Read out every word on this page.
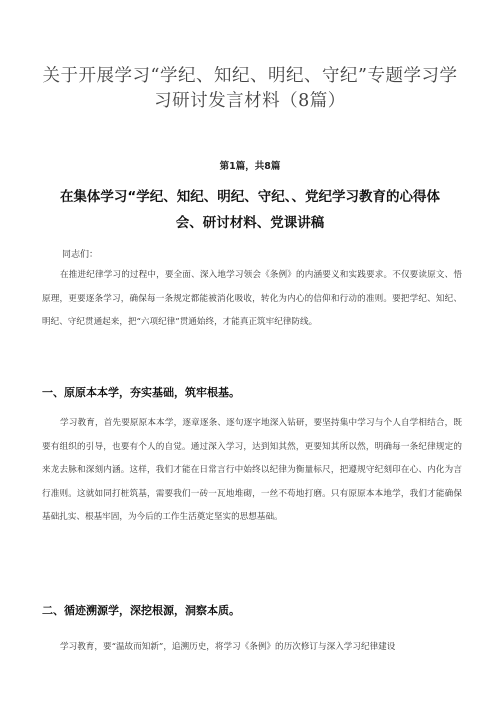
关于开展学习“学纪、知纪、明纪、守纪”专题学习学习研讨发言材料（8篇）
第1篇，共8篇
在集体学习“学纪、知纪、明纪、守纪、、党纪学习教育的心得体会、研讨材料、党课讲稿
同志们：

在推进纪律学习的过程中，要全面、深入地学习领会《条例》的内涵要义和实践要求。不仅要读原文、悟原理，更要逐条学习，确保每一条规定都能被消化吸收，转化为内心的信仰和行动的准则。要把学纪、知纪、明纪、守纪贯通起来，把“六项纪律”贯通始终，才能真正筑牢纪律防线。

一、原原本本学，夯实基础，筑牢根基。

学习教育，首先要原原本本学，逐章逐条、逐句逐字地深入钻研，要坚持集中学习与个人自学相结合，既要有组织的引导，也要有个人的自觉。通过深入学习，达到知其然，更要知其所以然，明确每一条纪律规定的来龙去脉和深刻内涵。这样，我们才能在日常言行中始终以纪律为衡量标尺，把遵规守纪刻印在心、内化为言行准则。这就如同打桩筑基，需要我们一砖一瓦地堆砌，一丝不苟地打磨。只有原原本本地学，我们才能确保基础扎实、根基牢固，为今后的工作生活奠定坚实的思想基础。

二、循迹溯源学，深挖根源，洞察本质。

学习教育，要“温故而知新”，追溯历史，将学习《条例》的历次修订与深入学习纪律建设
